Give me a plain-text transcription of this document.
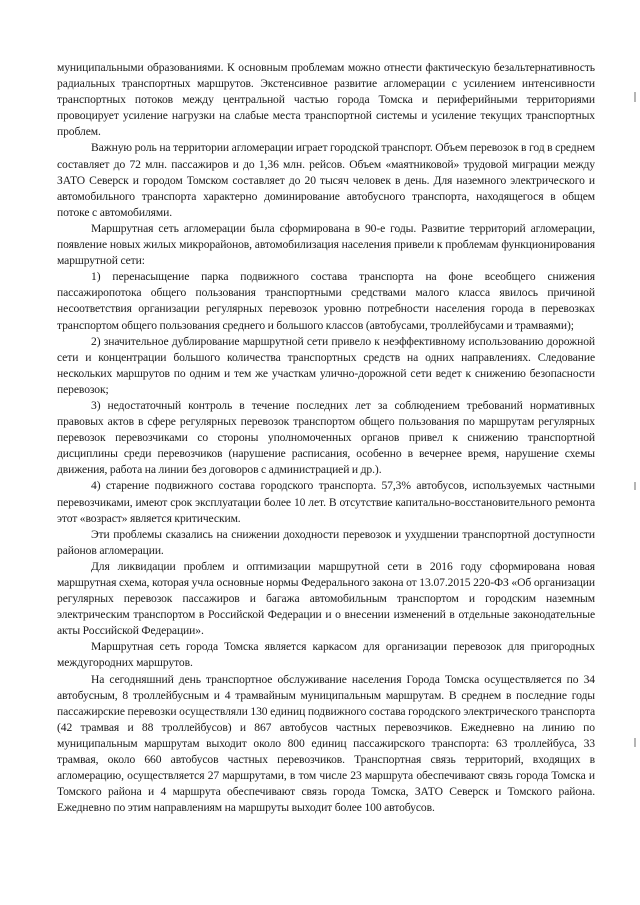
муниципальными образованиями. К основным проблемам можно отнести фактическую безальтернативность радиальных транспортных маршрутов. Экстенсивное развитие агломерации с усилением интенсивности транспортных потоков между центральной частью города Томска и периферийными территориями провоцирует усиление нагрузки на слабые места транспортной системы и усиление текущих транспортных проблем.

Важную роль на территории агломерации играет городской транспорт. Объем перевозок в год в среднем составляет до 72 млн. пассажиров и до 1,36 млн. рейсов. Объем «маятниковой» трудовой миграции между ЗАТО Северск и городом Томском составляет до 20 тысяч человек в день. Для наземного электрического и автомобильного транспорта характерно доминирование автобусного транспорта, находящегося в общем потоке с автомобилями.

Маршрутная сеть агломерации была сформирована в 90-е годы. Развитие территорий агломерации, появление новых жилых микрорайонов, автомобилизация населения привели к проблемам функционирования маршрутной сети:

1) перенасыщение парка подвижного состава транспорта на фоне всеобщего снижения пассажиропотока общего пользования транспортными средствами малого класса явилось причиной несоответствия организации регулярных перевозок уровню потребности населения города в перевозках транспортом общего пользования среднего и большого классов (автобусами, троллейбусами и трамваями);

2) значительное дублирование маршрутной сети привело к неэффективному использованию дорожной сети и концентрации большого количества транспортных средств на одних направлениях. Следование нескольких маршрутов по одним и тем же участкам улично-дорожной сети ведет к снижению безопасности перевозок;

3) недостаточный контроль в течение последних лет за соблюдением требований нормативных правовых актов в сфере регулярных перевозок транспортом общего пользования по маршрутам регулярных перевозок перевозчиками со стороны уполномоченных органов привел к снижению транспортной дисциплины среди перевозчиков (нарушение расписания, особенно в вечернее время, нарушение схемы движения, работа на линии без договоров с администрацией и др.).

4) старение подвижного состава городского транспорта. 57,3% автобусов, используемых частными перевозчиками, имеют срок эксплуатации более 10 лет. В отсутствие капитально-восстановительного ремонта этот «возраст» является критическим.

Эти проблемы сказались на снижении доходности перевозок и ухудшении транспортной доступности районов агломерации.

Для ликвидации проблем и оптимизации маршрутной сети в 2016 году сформирована новая маршрутная схема, которая учла основные нормы Федерального закона от 13.07.2015 220-ФЗ «Об организации регулярных перевозок пассажиров и багажа автомобильным транспортом и городским наземным электрическим транспортом в Российской Федерации и о внесении изменений в отдельные законодательные акты Российской Федерации».

Маршрутная сеть города Томска является каркасом для организации перевозок для пригородных междугородних маршрутов.

На сегодняшний день транспортное обслуживание населения Города Томска осуществляется по 34 автобусным, 8 троллейбусным и 4 трамвайным муниципальным маршрутам. В среднем в последние годы пассажирские перевозки осуществляли 130 единиц подвижного состава городского электрического транспорта (42 трамвая и 88 троллейбусов) и 867 автобусов частных перевозчиков. Ежедневно на линию по муниципальным маршрутам выходит около 800 единиц пассажирского транспорта: 63 троллейбуса, 33 трамвая, около 660 автобусов частных перевозчиков. Транспортная связь территорий, входящих в агломерацию, осуществляется 27 маршрутами, в том числе 23 маршрута обеспечивают связь города Томска и Томского района и 4 маршрута обеспечивают связь города Томска, ЗАТО Северск и Томского района. Ежедневно по этим направлениям на маршруты выходит более 100 автобусов.
